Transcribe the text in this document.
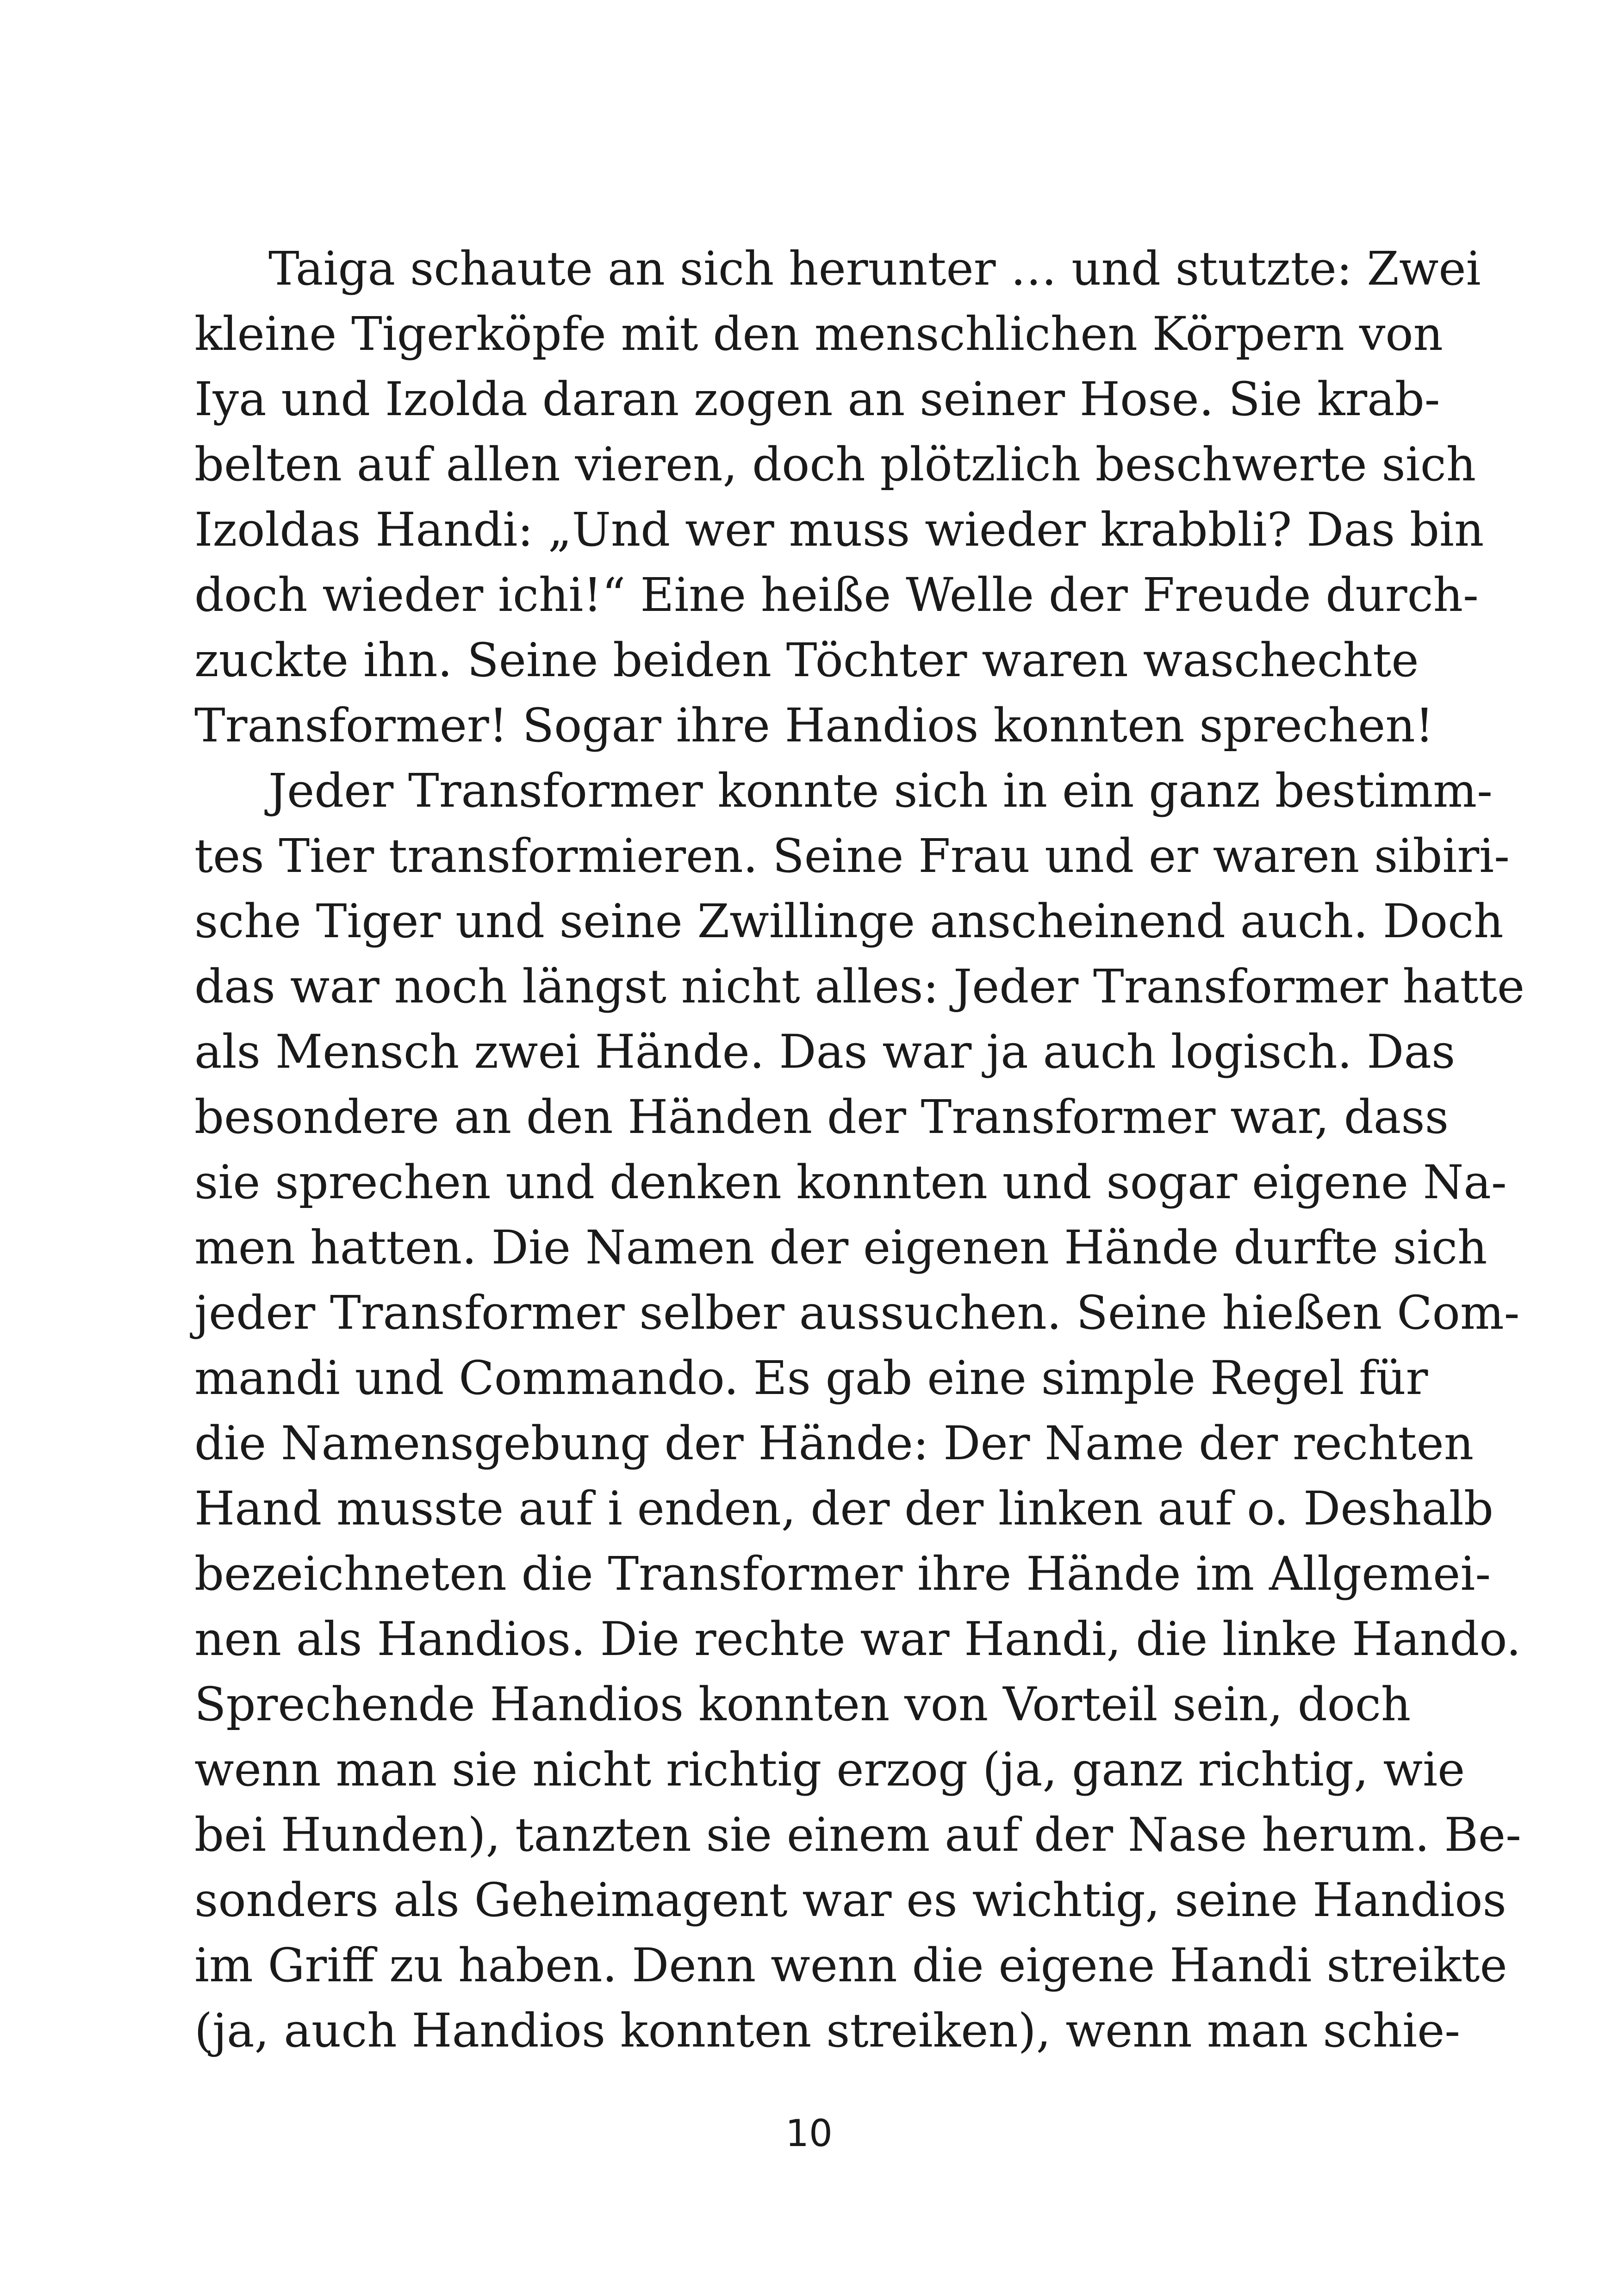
Taiga schaute an sich herunter … und stutzte: Zwei
kleine Tigerköpfe mit den menschlichen Körpern von
Iya und Izolda daran zogen an seiner Hose. Sie krab-
belten auf allen vieren, doch plötzlich beschwerte sich
Izoldas Handi: „Und wer muss wieder krabbli? Das bin
doch wieder ichi!“ Eine heiße Welle der Freude durch-
zuckte ihn. Seine beiden Töchter waren waschechte
Transformer! Sogar ihre Handios konnten sprechen!
Jeder Transformer konnte sich in ein ganz bestimm-
tes Tier transformieren. Seine Frau und er waren sibiri-
sche Tiger und seine Zwillinge anscheinend auch. Doch
das war noch längst nicht alles: Jeder Transformer hatte
als Mensch zwei Hände. Das war ja auch logisch. Das
besondere an den Händen der Transformer war, dass
sie sprechen und denken konnten und sogar eigene Na-
men hatten. Die Namen der eigenen Hände durfte sich
jeder Transformer selber aussuchen. Seine hießen Com-
mandi und Commando. Es gab eine simple Regel für
die Namensgebung der Hände: Der Name der rechten
Hand musste auf i enden, der der linken auf o. Deshalb
bezeichneten die Transformer ihre Hände im Allgemei-
nen als Handios. Die rechte war Handi, die linke Hando.
Sprechende Handios konnten von Vorteil sein, doch
wenn man sie nicht richtig erzog (ja, ganz richtig, wie
bei Hunden), tanzten sie einem auf der Nase herum. Be-
sonders als Geheimagent war es wichtig, seine Handios
im Griff zu haben. Denn wenn die eigene Handi streikte
(ja, auch Handios konnten streiken), wenn man schie-
10
